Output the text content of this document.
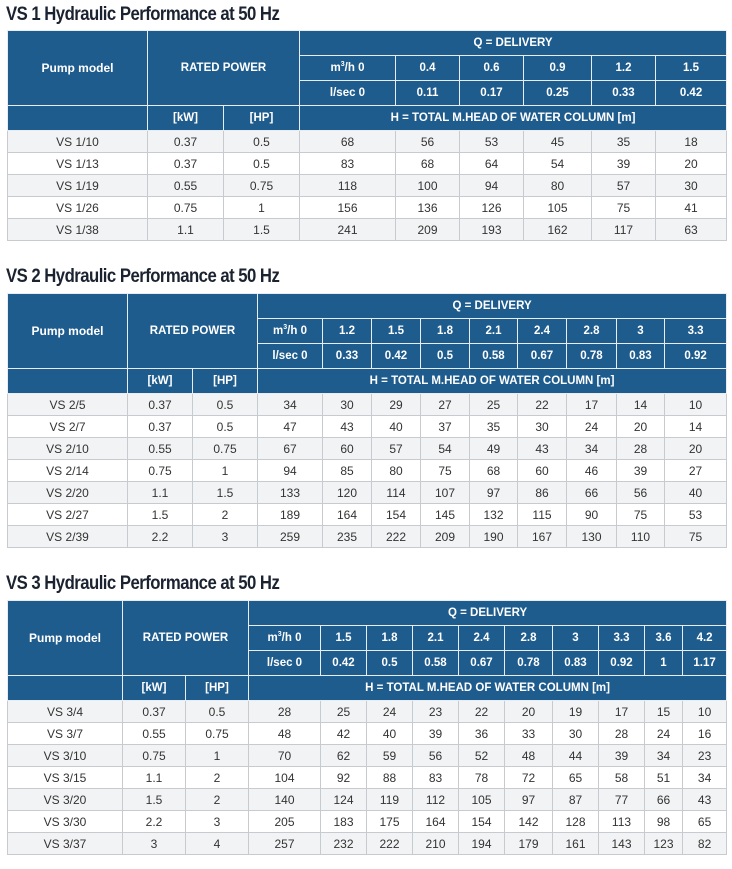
VS 1 Hydraulic Performance at 50 Hz
Pump model	RATED POWER		Q = DELIVERY					
			$m^3/h$ 0	0.4	0.6	0.9	1.2	1.5
			l/sec 0	0.11	0.17	0.25	0.33	0.42
	[kW]	[HP]	H = TOTAL M.HEAD OF WATER COLUMN [m]					
VS 1/10	0.37	0.5	68	56	53	45	35	18
VS 1/13	0.37	0.5	83	68	64	54	39	20
VS 1/19	0.55	0.75	118	100	94	80	57	30
VS 1/26	0.75	1	156	136	126	105	75	41
VS 1/38	1.1	1.5	241	209	193	162	117	63
VS 2 Hydraulic Performance at 50 Hz
Pump model	RATED POWER		Q = DELIVERY								
			$m^3/h$ 0	1.2	1.5	1.8	2.1	2.4	2.8	3	3.3
			l/sec 0	0.33	0.42	0.5	0.58	0.67	0.78	0.83	0.92
	[kW]	[HP]	H = TOTAL M.HEAD OF WATER COLUMN [m]								
VS 2/5	0.37	0.5	34	30	29	27	25	22	17	14	10
VS 2/7	0.37	0.5	47	43	40	37	35	30	24	20	14
VS 2/10	0.55	0.75	67	60	57	54	49	43	34	28	20
VS 2/14	0.75	1	94	85	80	75	68	60	46	39	27
VS 2/20	1.1	1.5	133	120	114	107	97	86	66	56	40
VS 2/27	1.5	2	189	164	154	145	132	115	90	75	53
VS 2/39	2.2	3	259	235	222	209	190	167	130	110	75
VS 3 Hydraulic Performance at 50 Hz
Pump model	RATED POWER		Q = DELIVERY									
			$m^3/h$ 0	1.5	1.8	2.1	2.4	2.8	3	3.3	3.6	4.2
			l/sec 0	0.42	0.5	0.58	0.67	0.78	0.83	0.92	1	1.17
	[kW]	[HP]	H = TOTAL M.HEAD OF WATER COLUMN [m]									
VS 3/4	0.37	0.5	28	25	24	23	22	20	19	17	15	10
VS 3/7	0.55	0.75	48	42	40	39	36	33	30	28	24	16
VS 3/10	0.75	1	70	62	59	56	52	48	44	39	34	23
VS 3/15	1.1	2	104	92	88	83	78	72	65	58	51	34
VS 3/20	1.5	2	140	124	119	112	105	97	87	77	66	43
VS 3/30	2.2	3	205	183	175	164	154	142	128	113	98	65
VS 3/37	3	4	257	232	222	210	194	179	161	143	123	82
